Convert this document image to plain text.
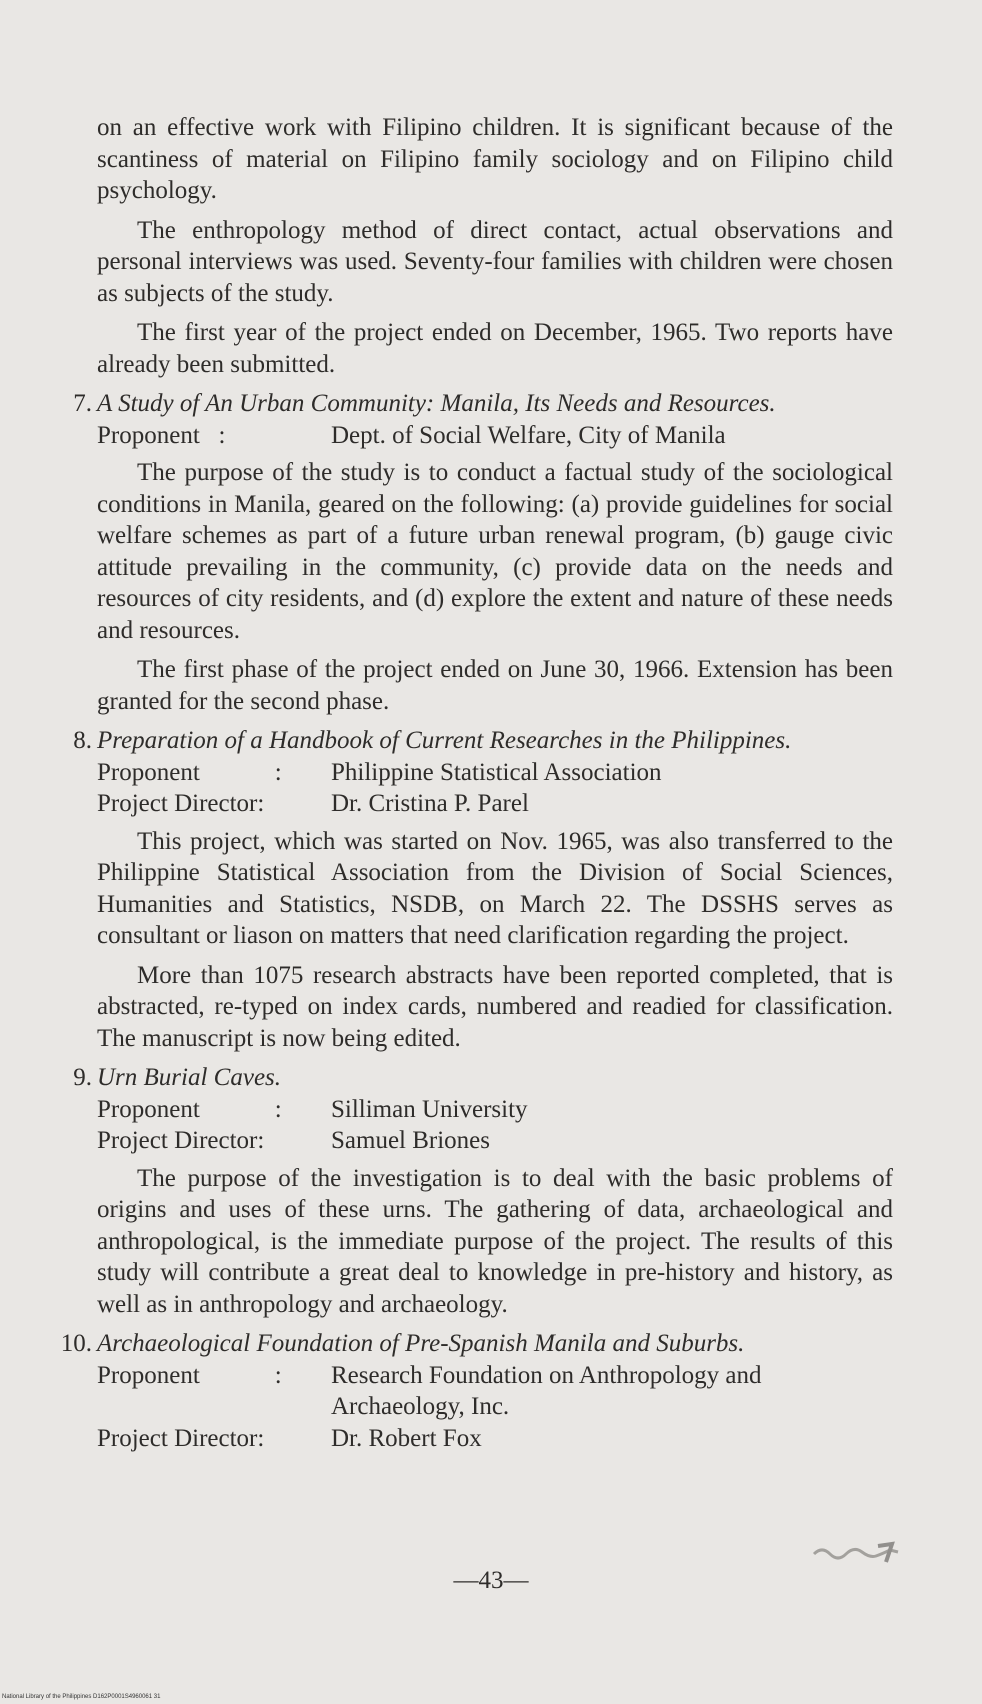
on an effective work with Filipino children. It is significant because of the scantiness of material on Filipino family sociology and on Filipino child psychology.

The enthropology method of direct contact, actual observations and personal interviews was used. Seventy-four families with children were chosen as subjects of the study.

The first year of the project ended on December, 1965. Two reports have already been submitted.

7. A Study of An Urban Community: Manila, Its Needs and Resources.
Proponent :	Dept. of Social Welfare, City of Manila

The purpose of the study is to conduct a factual study of the sociological conditions in Manila, geared on the following: (a) provide guidelines for social welfare schemes as part of a future urban renewal program, (b) gauge civic attitude prevailing in the community, (c) provide data on the needs and resources of city residents, and (d) explore the extent and nature of these needs and resources.

The first phase of the project ended on June 30, 1966. Extension has been granted for the second phase.

8. Preparation of a Handbook of Current Researches in the Philippines.
Proponent	:	Philippine Statistical Association
Project Director:	Dr. Cristina P. Parel

This project, which was started on Nov. 1965, was also transferred to the Philippine Statistical Association from the Division of Social Sciences, Humanities and Statistics, NSDB, on March 22. The DSSHS serves as consultant or liason on matters that need clarification regarding the project.

More than 1075 research abstracts have been reported completed, that is abstracted, re-typed on index cards, numbered and readied for classification. The manuscript is now being edited.

9. Urn Burial Caves.
Proponent	:	Silliman University
Project Director:	Samuel Briones

The purpose of the investigation is to deal with the basic problems of origins and uses of these urns. The gathering of data, archaeological and anthropological, is the immediate purpose of the project. The results of this study will contribute a great deal to knowledge in pre-history and history, as well as in anthropology and archaeology.

10. Archaeological Foundation of Pre-Spanish Manila and Suburbs.
Proponent	:	Research Foundation on Anthropology and Archaeology, Inc.
Project Director:	Dr. Robert Fox
—43—
National Library of the Philippines D162P0001S4960061 31
